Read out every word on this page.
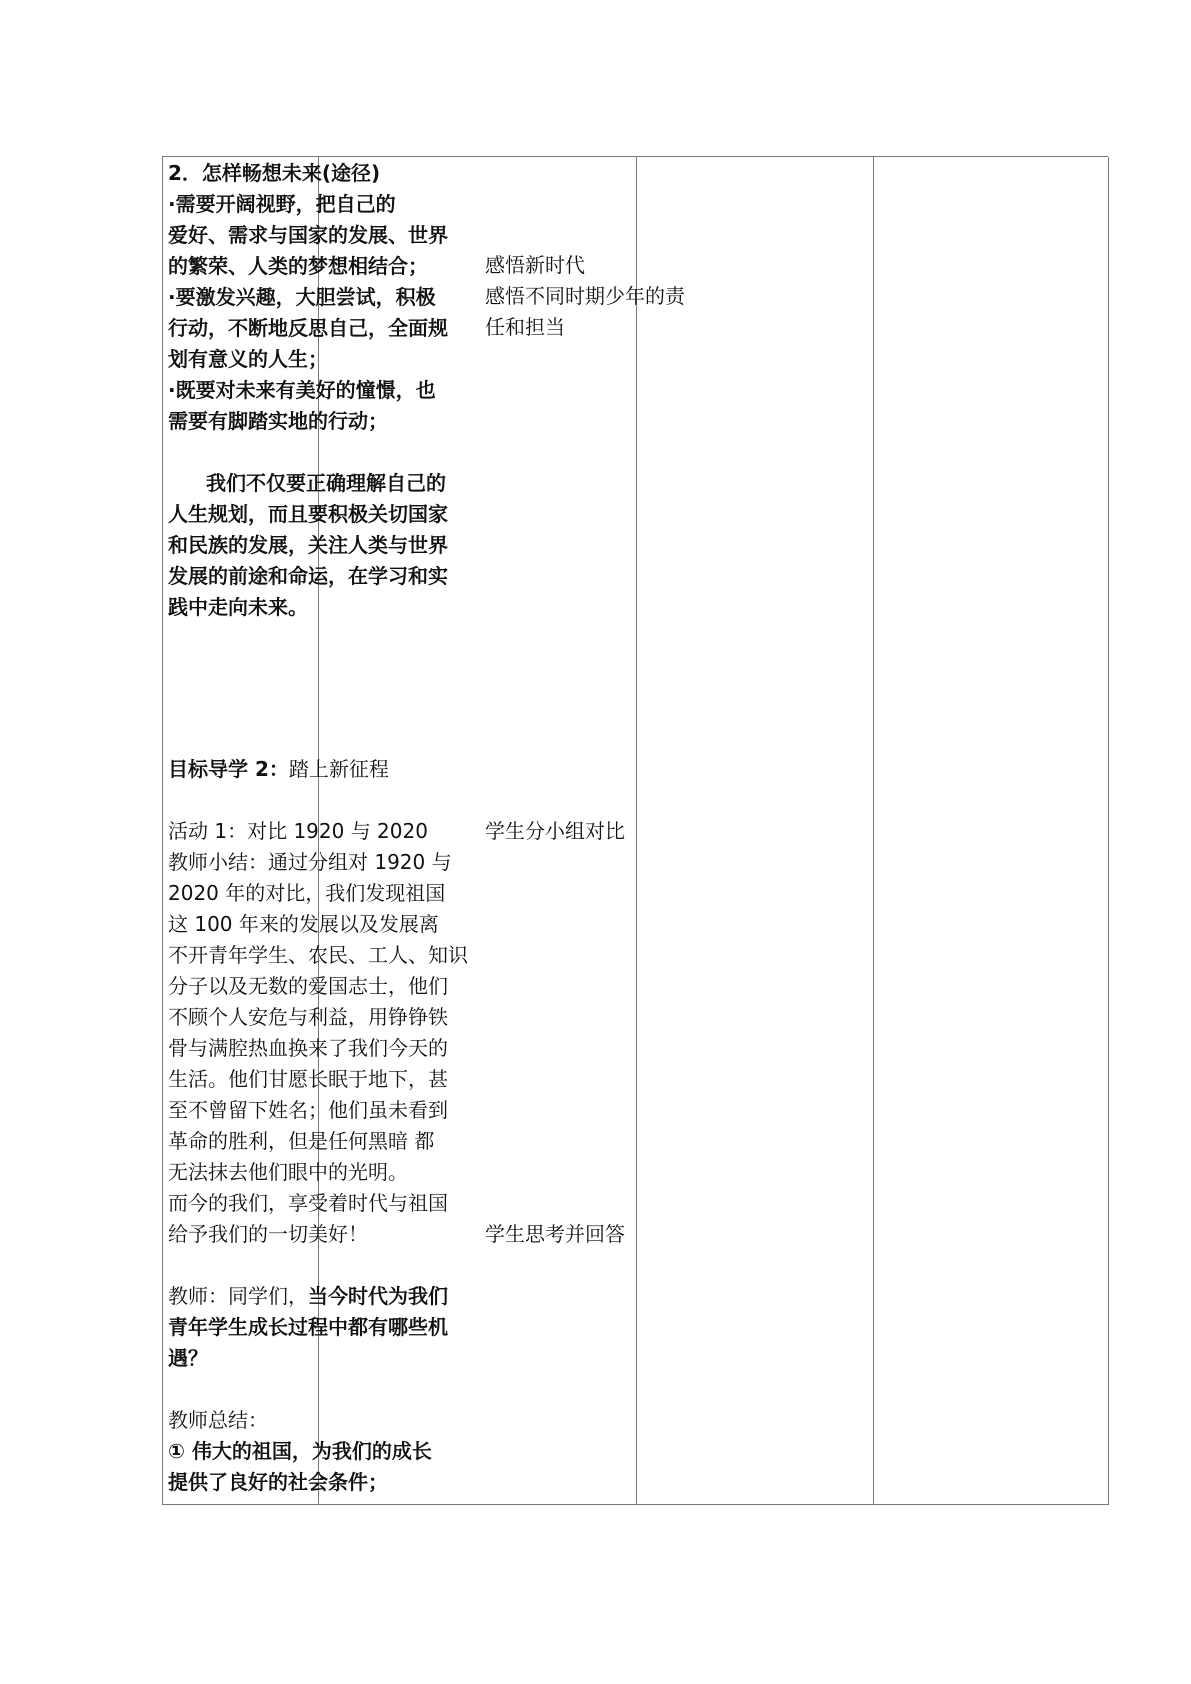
2．怎样畅想未来(途径)
·需要开阔视野，把自己的
爱好、需求与国家的发展、世界
的繁荣、人类的梦想相结合；
·要激发兴趣，大胆尝试，积极
行动，不断地反思自己，全面规
划有意义的人生；
·既要对未来有美好的憧憬，也
需要有脚踏实地的行动；
我们不仅要正确理解自己的
人生规划，而且要积极关切国家
和民族的发展，关注人类与世界
发展的前途和命运，在学习和实
践中走向未来。
目标导学 2：踏上新征程
活动 1：对比 1920 与 2020
教师小结：通过分组对 1920 与
2020 年的对比，我们发现祖国
这 100 年来的发展以及发展离
不开青年学生、农民、工人、知识
分子以及无数的爱国志士，他们
不顾个人安危与利益，用铮铮铁
骨与满腔热血换来了我们今天的
生活。他们甘愿长眠于地下，甚
至不曾留下姓名；他们虽未看到
革命的胜利，但是任何黑暗 都
无法抹去他们眼中的光明。
而今的我们，享受着时代与祖国
给予我们的一切美好！
教师：同学们，当今时代为我们
青年学生成长过程中都有哪些机
遇？
教师总结：
① 伟大的祖国，为我们的成长
提供了良好的社会条件；
感悟新时代
感悟不同时期少年的责
任和担当
学生分小组对比
学生思考并回答
